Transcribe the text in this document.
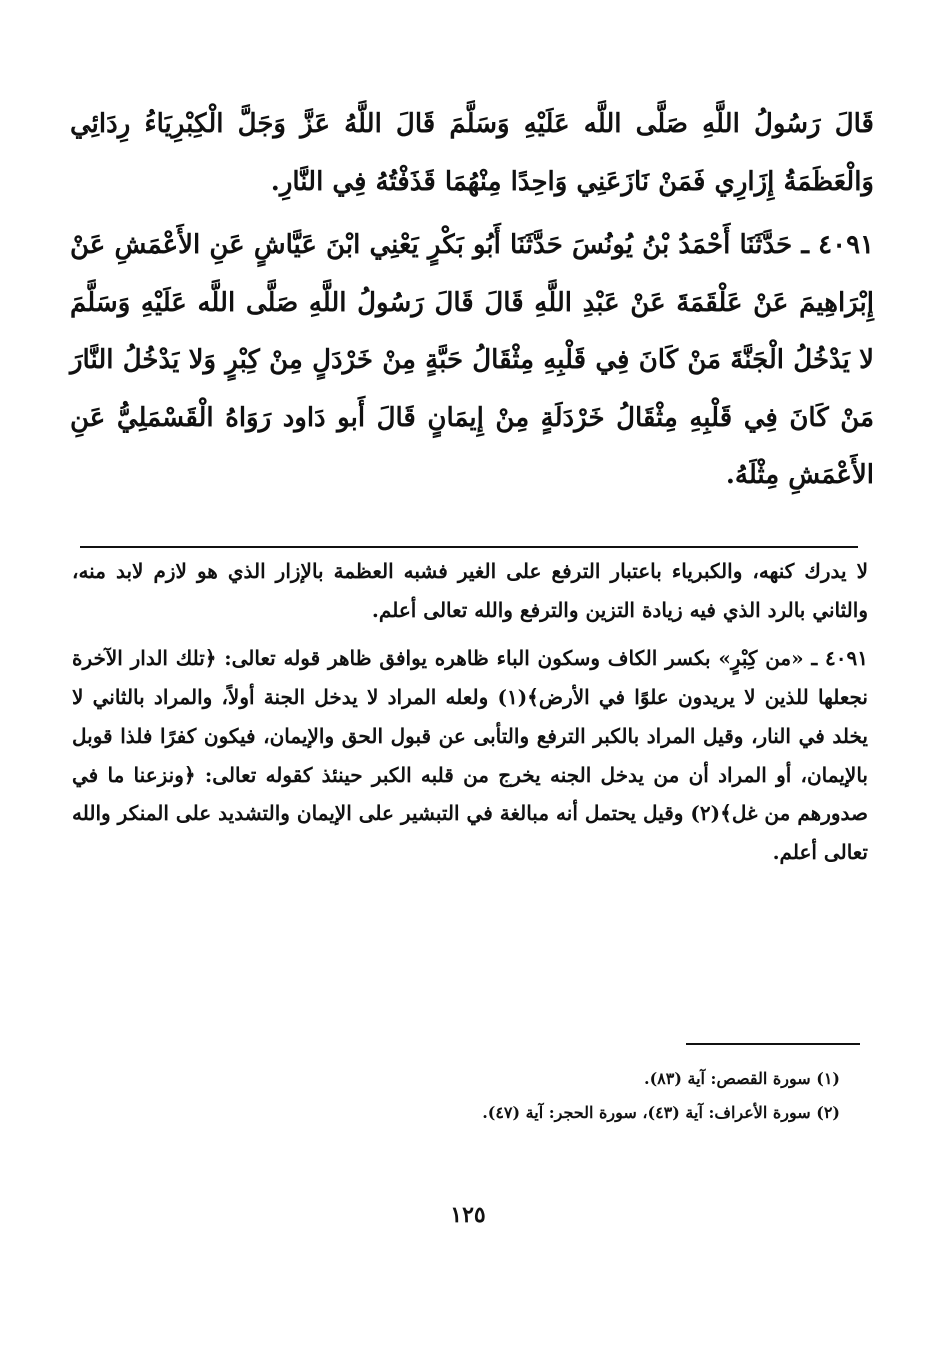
قَالَ رَسُولُ اللَّهِ صَلَّى اللَّه عَلَيْهِ وَسَلَّمَ قَالَ اللَّهُ عَزَّ وَجَلَّ الْكِبْرِيَاءُ رِدَائِي وَالْعَظَمَةُ إِزَارِي فَمَنْ نَازَعَنِي وَاحِدًا مِنْهُمَا قَذَفْتُهُ فِي النَّارِ.

٤٠٩١ ـ حَدَّثَنَا أَحْمَدُ بْنُ يُونُسَ حَدَّثَنَا أَبُو بَكْرٍ يَعْنِي ابْنَ عَيَّاشٍ عَنِ الأَعْمَشِ عَنْ إِبْرَاهِيمَ عَنْ عَلْقَمَةَ عَنْ عَبْدِ اللَّهِ قَالَ قَالَ رَسُولُ اللَّهِ صَلَّى اللَّه عَلَيْهِ وَسَلَّمَ لا يَدْخُلُ الْجَنَّةَ مَنْ كَانَ فِي قَلْبِهِ مِثْقَالُ حَبَّةٍ مِنْ خَرْدَلٍ مِنْ كِبْرٍ وَلا يَدْخُلُ النَّارَ مَنْ كَانَ فِي قَلْبِهِ مِثْقَالُ خَرْدَلَةٍ مِنْ إِيمَانٍ قَالَ أَبو دَاود رَوَاهُ الْقَسْمَلِيُّ عَنِ الأَعْمَشِ مِثْلَهُ.

لا يدرك كنهه، والكبرياء باعتبار الترفع على الغير فشبه العظمة بالإزار الذي هو لازم لابد منه، والثاني بالرد الذي فيه زيادة التزين والترفع والله تعالى أعلم.

٤٠٩١ ـ «من كِبْرٍ» بكسر الكاف وسكون الباء ظاهره يوافق ظاهر قوله تعالى: ﴿تلك الدار الآخرة نجعلها للذين لا يريدون علوًا في الأرض﴾(١) ولعله المراد لا يدخل الجنة أولاً، والمراد بالثاني لا يخلد في النار، وقيل المراد بالكبر الترفع والتأبى عن قبول الحق والإيمان، فيكون كفرًا فلذا قوبل بالإيمان، أو المراد أن من يدخل الجنه يخرج من قلبه الكبر حينئذ كقوله تعالى: ﴿ونزعنا ما في صدورهم من غل﴾(٢) وقيل يحتمل أنه مبالغة في التبشير على الإيمان والتشديد على المنكر والله تعالى أعلم.

(١) سورة القصص: آية (٨٣).
(٢) سورة الأعراف: آية (٤٣)، سورة الحجر: آية (٤٧).
١٢٥
